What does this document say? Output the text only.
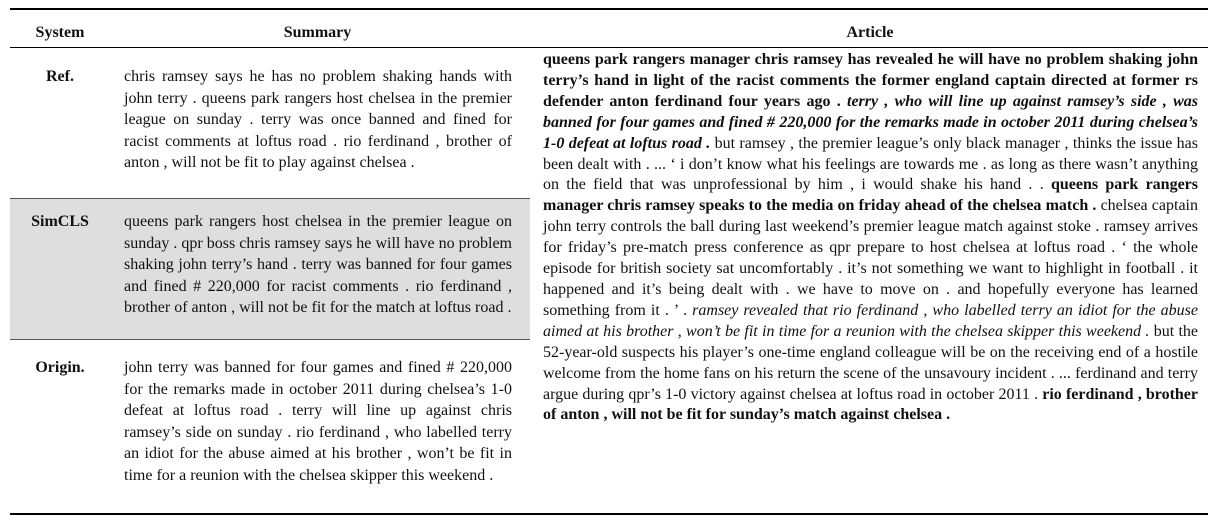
System	Summary	Article
Ref.	chris ramsey says he has no problem shaking hands with john terry . queens park rangers host chelsea in the premier league on sunday . terry was once banned and fined for racist comments at loftus road . rio ferdinand , brother of anton , will not be fit to play against chelsea .
SimCLS	queens park rangers host chelsea in the premier league on sunday . qpr boss chris ramsey says he will have no problem shaking john terry’s hand . terry was banned for four games and fined # 220,000 for racist comments . rio ferdinand , brother of anton , will not be fit for the match at loftus road .
Origin.	john terry was banned for four games and fined # 220,000 for the remarks made in october 2011 during chelsea’s 1-0 defeat at loftus road . terry will line up against chris ramsey’s side on sunday . rio ferdinand , who labelled terry an idiot for the abuse aimed at his brother , won’t be fit in time for a reunion with the chelsea skipper this weekend .
queens park rangers manager chris ramsey has revealed he will have no problem shaking john terry’s hand in light of the racist comments the former england captain directed at former rs defender anton ferdinand four years ago . terry , who will line up against ramsey’s side , was banned for four games and fined # 220,000 for the remarks made in october 2011 during chelsea’s 1-0 defeat at loftus road . but ramsey , the premier league’s only black manager , thinks the issue has been dealt with . ... ‘ i don’t know what his feelings are towards me . as long as there wasn’t anything on the field that was unprofessional by him , i would shake his hand . . queens park rangers manager chris ramsey speaks to the media on friday ahead of the chelsea match . chelsea captain john terry controls the ball during last weekend’s premier league match against stoke . ramsey arrives for friday’s pre-match press conference as qpr prepare to host chelsea at loftus road . ‘ the whole episode for british society sat uncomfortably . it’s not something we want to highlight in football . it happened and it’s being dealt with . we have to move on . and hopefully everyone has learned something from it . ’ . ramsey revealed that rio ferdinand , who labelled terry an idiot for the abuse aimed at his brother , won’t be fit in time for a reunion with the chelsea skipper this weekend . but the 52-year-old suspects his player’s one-time england colleague will be on the receiving end of a hostile welcome from the home fans on his return the scene of the unsavoury incident . ... ferdinand and terry argue during qpr’s 1-0 victory against chelsea at loftus road in october 2011 . rio ferdinand , brother of anton , will not be fit for sunday’s match against chelsea .
